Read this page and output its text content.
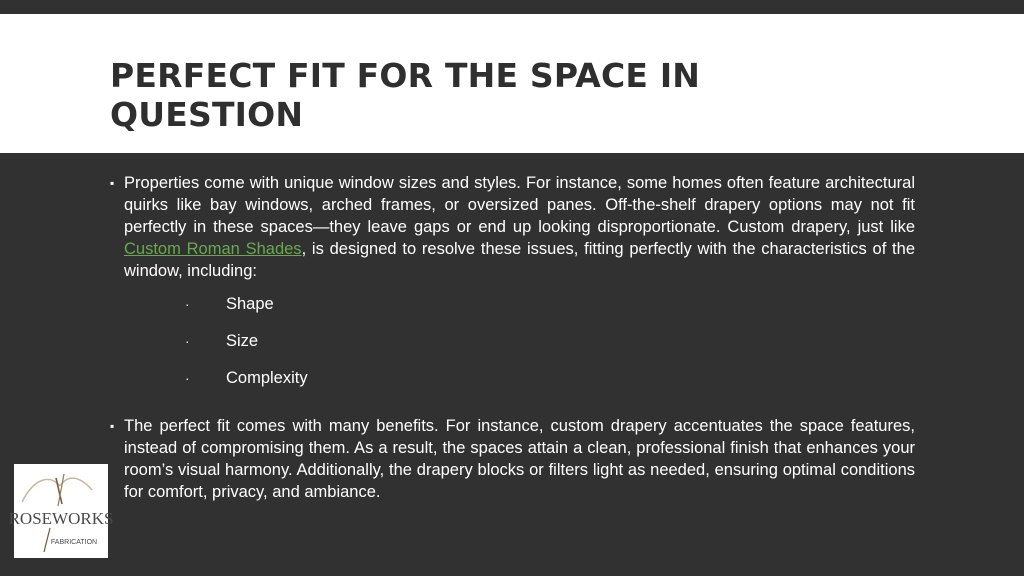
PERFECT FIT FOR THE SPACE IN QUESTION

▪ Properties come with unique window sizes and styles. For instance, some homes often feature architectural quirks like bay windows, arched frames, or oversized panes. Off-the-shelf drapery options may not fit perfectly in these spaces—they leave gaps or end up looking disproportionate. Custom drapery, just like Custom Roman Shades, is designed to resolve these issues, fitting perfectly with the characteristics of the window, including:

· Shape
· Size
· Complexity

▪ The perfect fit comes with many benefits. For instance, custom drapery accentuates the space features, instead of compromising them. As a result, the spaces attain a clean, professional finish that enhances your room’s visual harmony. Additionally, the drapery blocks or filters light as needed, ensuring optimal conditions for comfort, privacy, and ambiance.

ROSEWORKS
FABRICATION
